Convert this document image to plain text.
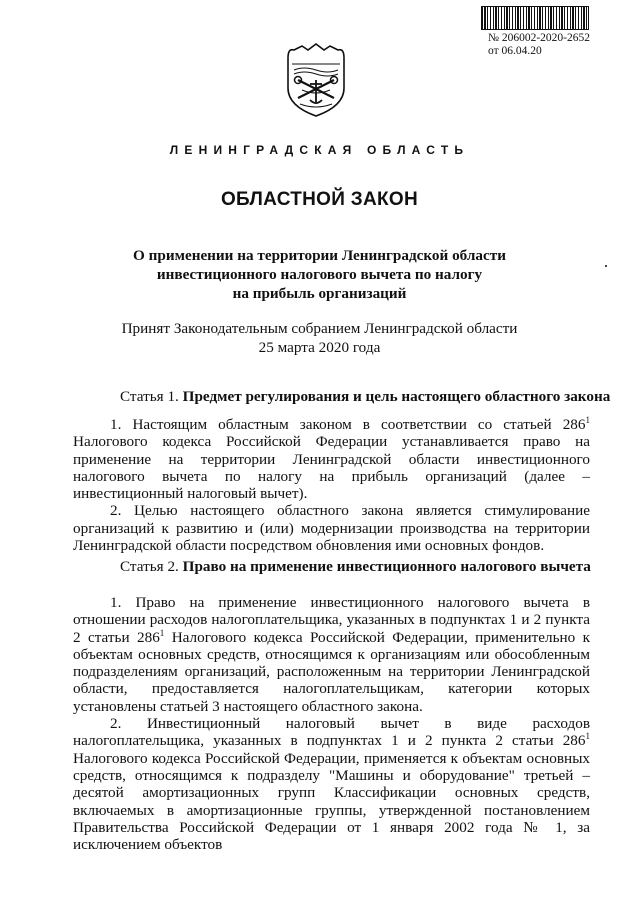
№ 206002-2020-2652
от 06.04.20
ЛЕНИНГРАДСКАЯ ОБЛАСТЬ
ОБЛАСТНОЙ ЗАКОН
О применении на территории Ленинградской области
инвестиционного налогового вычета по налогу
на прибыль организаций
Принят Законодательным собранием Ленинградской области
25 марта 2020 года
Статья 1. Предмет регулирования и цель настоящего областного закона

1. Настоящим областным законом в соответствии со статьей $286^1$ Налогового кодекса Российской Федерации устанавливается право на применение на территории Ленинградской области инвестиционного налогового вычета по налогу на прибыль организаций (далее – инвестиционный налоговый вычет).

2. Целью настоящего областного закона является стимулирование организаций к развитию и (или) модернизации производства на территории Ленинградской области посредством обновления ими основных фондов.

Статья 2. Право на применение инвестиционного налогового вычета

1. Право на применение инвестиционного налогового вычета в отношении расходов налогоплательщика, указанных в подпунктах 1 и 2 пункта 2 статьи $286^1$ Налогового кодекса Российской Федерации, применительно к объектам основных средств, относящимся к организациям или обособленным подразделениям организаций, расположенным на территории Ленинградской области, предоставляется налогоплательщикам, категории которых установлены статьей 3 настоящего областного закона.

2. Инвестиционный налоговый вычет в виде расходов налогоплательщика, указанных в подпунктах 1 и 2 пункта 2 статьи $286^1$ Налогового кодекса Российской Федерации, применяется к объектам основных средств, относящимся к подразделу "Машины и оборудование" третьей – десятой амортизационных групп Классификации основных средств, включаемых в амортизационные группы, утвержденной постановлением Правительства Российской Федерации от 1 января 2002 года № 1, за исключением объектов
